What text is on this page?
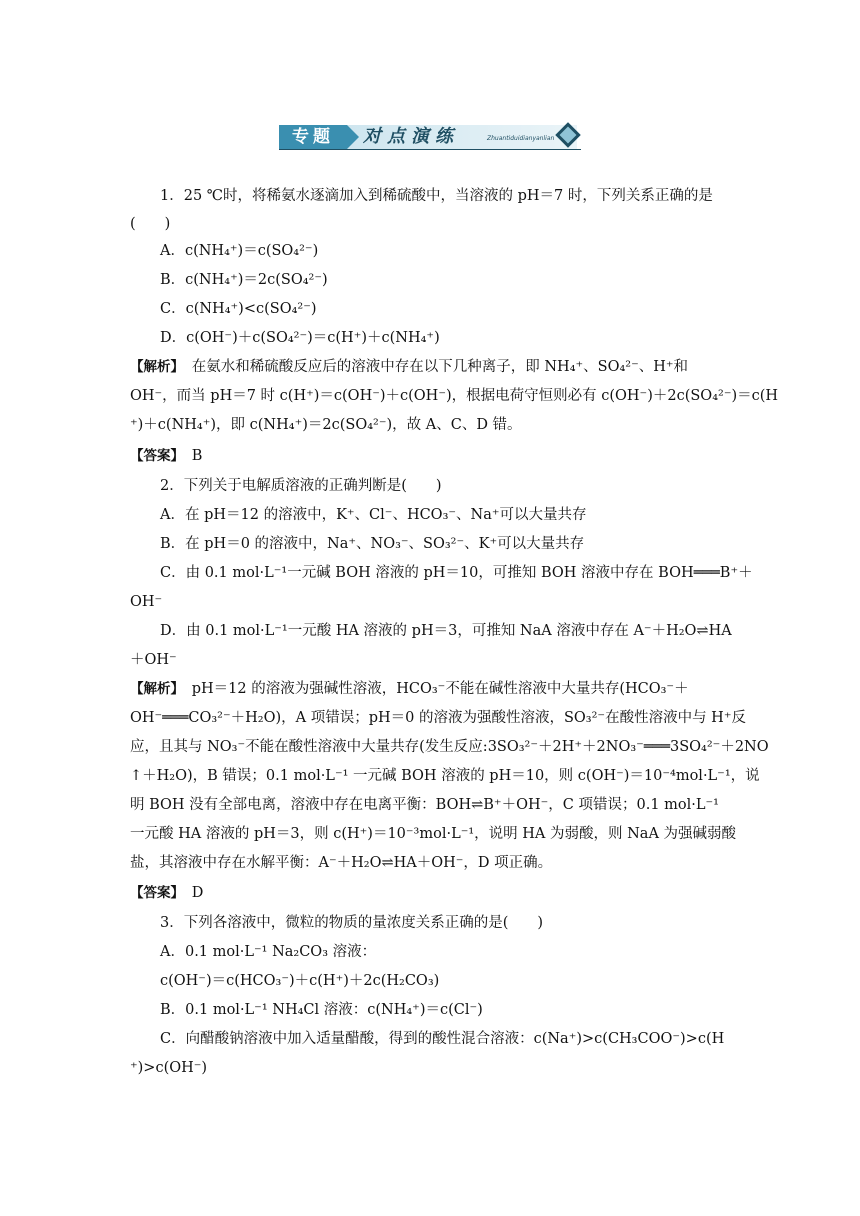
专题	对点演练	Zhuantiduidianyanlian
1．25 ℃时，将稀氨水逐滴加入到稀硫酸中，当溶液的 pH＝7 时，下列关系正确的是
(　　)
A．c(NH₄⁺)＝c(SO₄²⁻)
B．c(NH₄⁺)＝2c(SO₄²⁻)
C．c(NH₄⁺)<c(SO₄²⁻)
D．c(OH⁻)＋c(SO₄²⁻)＝c(H⁺)＋c(NH₄⁺)
【解析】　在氨水和稀硫酸反应后的溶液中存在以下几种离子，即 NH₄⁺、SO₄²⁻、H⁺和
OH⁻，而当 pH＝7 时 c(H⁺)＝c(OH⁻)＋c(OH⁻)，根据电荷守恒则必有 c(OH⁻)＋2c(SO₄²⁻)＝c(H
⁺)＋c(NH₄⁺)，即 c(NH₄⁺)＝2c(SO₄²⁻)，故 A、C、D 错。
【答案】　B
2．下列关于电解质溶液的正确判断是(　　)
A．在 pH＝12 的溶液中，K⁺、Cl⁻、HCO₃⁻、Na⁺可以大量共存
B．在 pH＝0 的溶液中，Na⁺、NO₃⁻、SO₃²⁻、K⁺可以大量共存
C．由 0.1 mol·L⁻¹一元碱 BOH 溶液的 pH＝10，可推知 BOH 溶液中存在 BOH═══B⁺＋
OH⁻
D．由 0.1 mol·L⁻¹一元酸 HA 溶液的 pH＝3，可推知 NaA 溶液中存在 A⁻＋H₂O⇌HA
＋OH⁻
【解析】　pH＝12 的溶液为强碱性溶液，HCO₃⁻不能在碱性溶液中大量共存(HCO₃⁻＋
OH⁻═══CO₃²⁻＋H₂O)，A 项错误；pH＝0 的溶液为强酸性溶液，SO₃²⁻在酸性溶液中与 H⁺反
应，且其与 NO₃⁻不能在酸性溶液中大量共存(发生反应:3SO₃²⁻＋2H⁺＋2NO₃⁻═══3SO₄²⁻＋2NO
↑＋H₂O)，B 错误；0.1 mol·L⁻¹ 一元碱 BOH 溶液的 pH＝10，则 c(OH⁻)＝10⁻⁴mol·L⁻¹，说
明 BOH 没有全部电离，溶液中存在电离平衡：BOH⇌B⁺＋OH⁻，C 项错误；0.1 mol·L⁻¹
一元酸 HA 溶液的 pH＝3，则 c(H⁺)＝10⁻³mol·L⁻¹，说明 HA 为弱酸，则 NaA 为强碱弱酸
盐，其溶液中存在水解平衡：A⁻＋H₂O⇌HA＋OH⁻，D 项正确。
【答案】　D
3．下列各溶液中，微粒的物质的量浓度关系正确的是(　　)
A．0.1 mol·L⁻¹ Na₂CO₃ 溶液：
c(OH⁻)＝c(HCO₃⁻)＋c(H⁺)＋2c(H₂CO₃)
B．0.1 mol·L⁻¹ NH₄Cl 溶液：c(NH₄⁺)＝c(Cl⁻)
C．向醋酸钠溶液中加入适量醋酸，得到的酸性混合溶液：c(Na⁺)>c(CH₃COO⁻)>c(H
⁺)>c(OH⁻)
